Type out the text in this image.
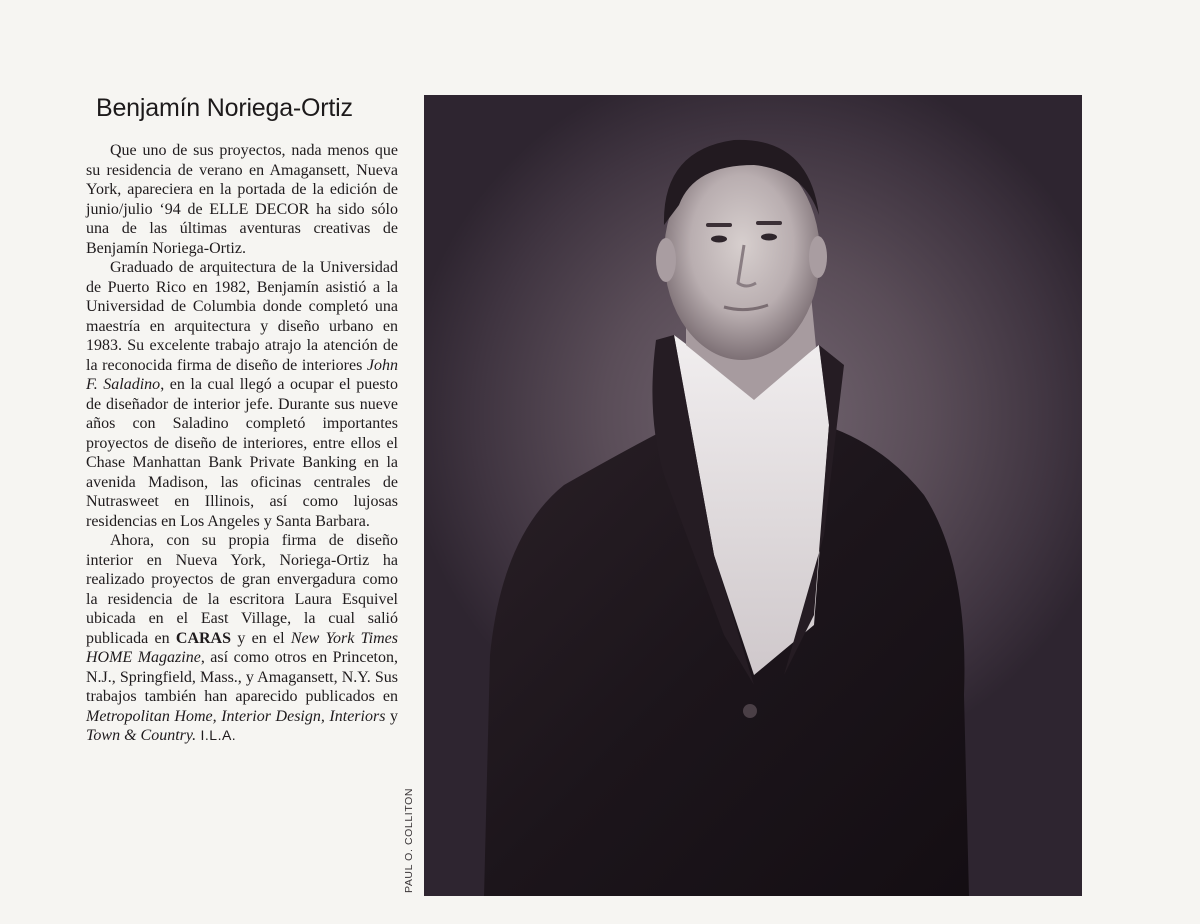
Benjamín Noriega-Ortiz

Que uno de sus proyectos, nada menos que su residencia de verano en Amagansett, Nueva York, apareciera en la portada de la edición de junio/julio ‘94 de ELLE DECOR ha sido sólo una de las últimas aventuras creativas de Benjamín Noriega-Ortiz.

Graduado de arquitectura de la Universidad de Puerto Rico en 1982, Benjamín asistió a la Universidad de Columbia donde completó una maestría en arquitectura y diseño urbano en 1983. Su excelente trabajo atrajo la atención de la reconocida firma de diseño de interiores John F. Saladino, en la cual llegó a ocupar el puesto de diseñador de interior jefe. Durante sus nueve años con Saladino completó importantes proyectos de diseño de interiores, entre ellos el Chase Manhattan Bank Private Banking en la avenida Madison, las oficinas centrales de Nutrasweet en Illinois, así como lujosas residencias en Los Angeles y Santa Barbara.

Ahora, con su propia firma de diseño interior en Nueva York, Noriega-Ortiz ha realizado proyectos de gran envergadura como la residencia de la escritora Laura Esquivel ubicada en el East Village, la cual salió publicada en CARAS y en el New York Times HOME Magazine, así como otros en Princeton, N.J., Springfield, Mass., y Amagansett, N.Y. Sus trabajos también han aparecido publicados en Metropolitan Home, Interior Design, Interiors y Town & Country. I.L.A.

PAUL O. COLLITON
